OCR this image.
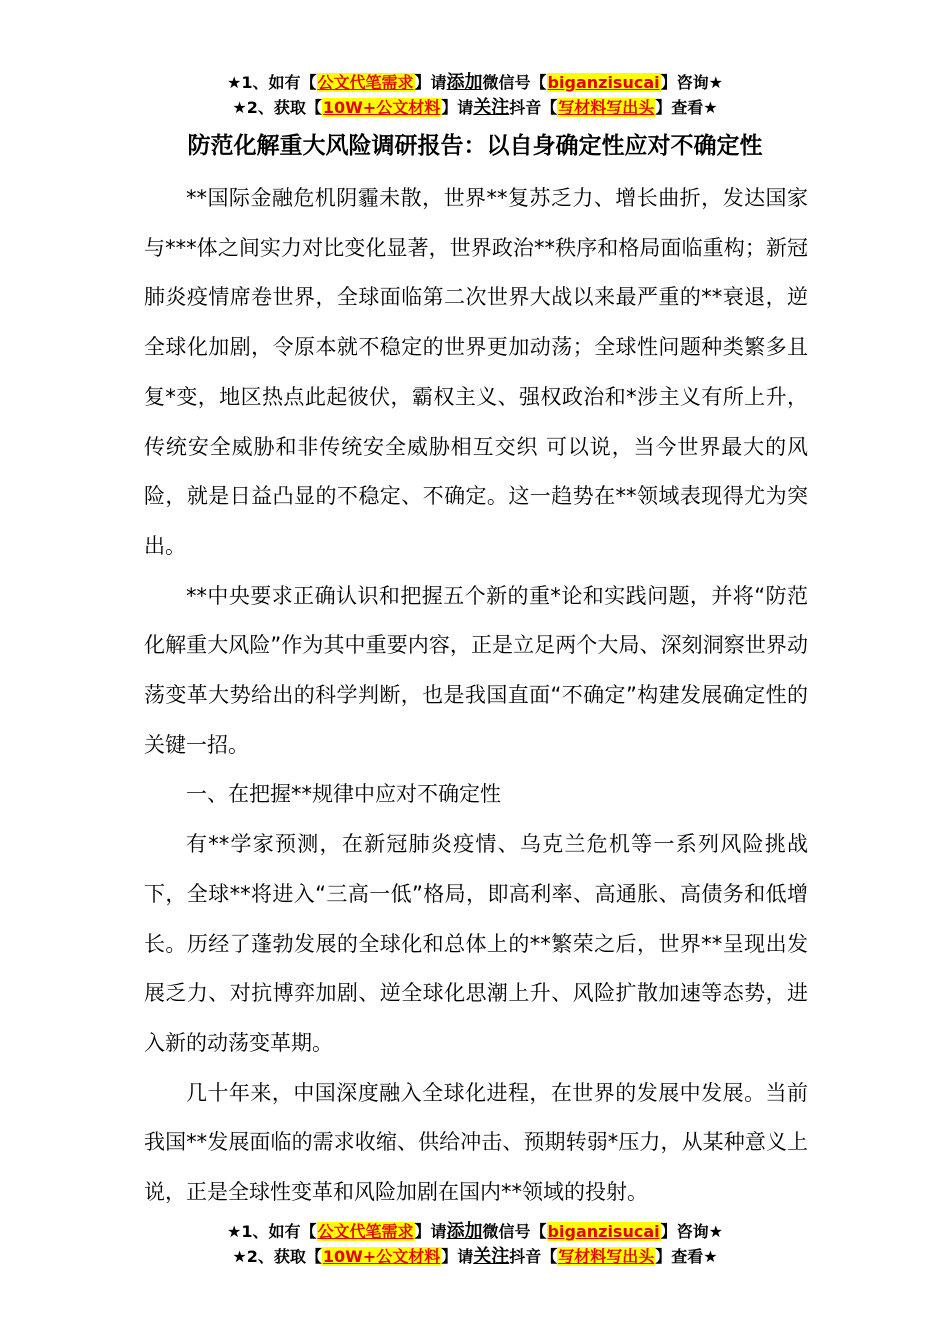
★1、如有【公文代笔需求】请添加微信号【biganzisucai】咨询★
★2、获取【10W+公文材料】请关注抖音【写材料写出头】查看★
防范化解重大风险调研报告：以自身确定性应对不确定性

**国际金融危机阴霾未散，世界**复苏乏力、增长曲折，发达国家与***体之间实力对比变化显著，世界政治**秩序和格局面临重构；新冠肺炎疫情席卷世界，全球面临第二次世界大战以来最严重的**衰退，逆全球化加剧，令原本就不稳定的世界更加动荡；全球性问题种类繁多且复*变，地区热点此起彼伏，霸权主义、强权政治和*涉主义有所上升，传统安全威胁和非传统安全威胁相互交织 可以说，当今世界最大的风险，就是日益凸显的不稳定、不确定。这一趋势在**领域表现得尤为突出。

**中央要求正确认识和把握五个新的重*论和实践问题，并将“防范化解重大风险”作为其中重要内容，正是立足两个大局、深刻洞察世界动荡变革大势给出的科学判断，也是我国直面“不确定”构建发展确定性的关键一招。

一、在把握**规律中应对不确定性

有**学家预测，在新冠肺炎疫情、乌克兰危机等一系列风险挑战下，全球**将进入“三高一低”格局，即高利率、高通胀、高债务和低增长。历经了蓬勃发展的全球化和总体上的**繁荣之后，世界**呈现出发展乏力、对抗博弈加剧、逆全球化思潮上升、风险扩散加速等态势，进入新的动荡变革期。

几十年来，中国深度融入全球化进程，在世界的发展中发展。当前我国**发展面临的需求收缩、供给冲击、预期转弱*压力，从某种意义上说，正是全球性变革和风险加剧在国内**领域的投射。

★1、如有【公文代笔需求】请添加微信号【biganzisucai】咨询★
★2、获取【10W+公文材料】请关注抖音【写材料写出头】查看★
